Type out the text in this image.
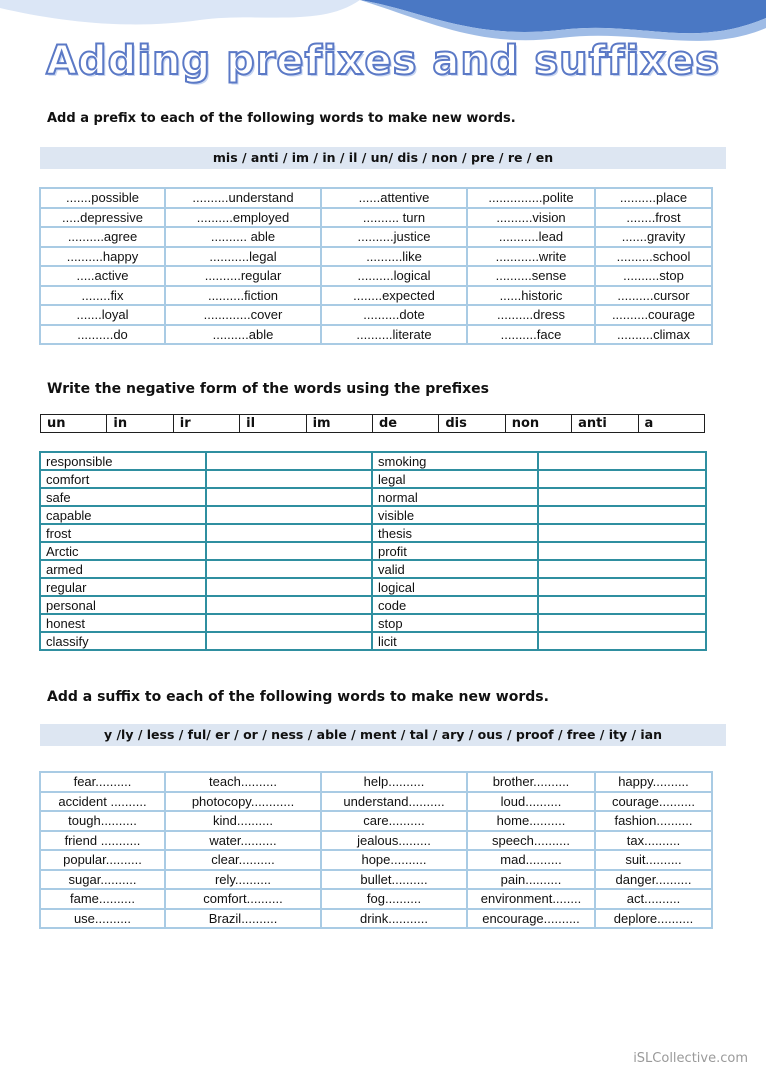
Adding prefixes and suffixes
Add a prefix to each of the following words to make new words.
mis / anti / im / in / il / un/ dis / non / pre / re / en
.......possible	..........understand	......attentive	...............polite	..........place
.....depressive	..........employed	.......... turn	..........vision	........frost
..........agree	.......... able	..........justice	...........lead	.......gravity
..........happy	...........legal	..........like	............write	..........school
.....active	..........regular	..........logical	..........sense	..........stop
........fix	..........fiction	........expected	......historic	..........cursor
.......loyal	.............cover	..........dote	..........dress	..........courage
..........do	..........able	..........literate	..........face	..........climax
Write the negative form of the words using the prefixes
un	in	ir	il	im	de	dis	non	anti	a
responsible		smoking	
comfort		legal	
safe		normal	
capable		visible	
frost		thesis	
Arctic		profit	
armed		valid	
regular		logical	
personal		code	
honest		stop	
classify		licit	
Add a suffix to each of the following words to make new words.
y /ly / less / ful/ er / or / ness / able / ment / tal / ary / ous / proof / free / ity / ian
fear..........	teach..........	help..........	brother..........	happy..........
accident ..........	photocopy............	understand..........	loud..........	courage..........
tough..........	kind..........	care..........	home..........	fashion..........
friend ...........	water..........	jealous.........	speech..........	tax..........
popular..........	clear..........	hope..........	mad..........	suit..........
sugar..........	rely..........	bullet..........	pain..........	danger..........
fame..........	comfort..........	fog..........	environment........	act..........
use..........	Brazil..........	drink...........	encourage..........	deplore..........
iSLCollective.com
